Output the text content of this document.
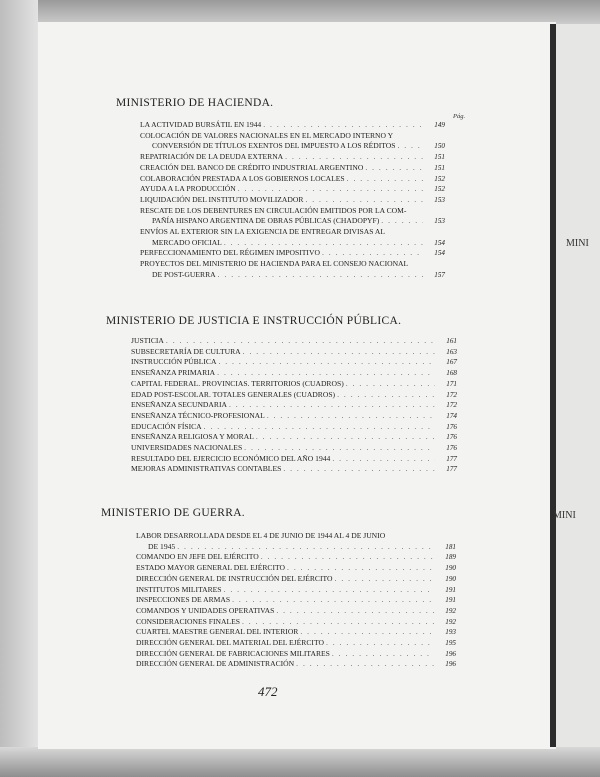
MINI
MINI
MINISTERIO DE HACIENDA.
Pág.
LA ACTIVIDAD BURSÁTIL EN 1944 . . .	149
COLOCACIÓN DE VALORES NACIONALES EN EL MERCADO INTERNO Y
CONVERSIÓN DE TÍTULOS EXENTOS DEL IMPUESTO A LOS RÉDITOS . . .	150
REPATRIACIÓN DE LA DEUDA EXTERNA . . .	151
CREACIÓN DEL BANCO DE CRÉDITO INDUSTRIAL ARGENTINO . . .	151
COLABORACIÓN PRESTADA A LOS GOBIERNOS LOCALES . . .	152
AYUDA A LA PRODUCCIÓN . . .	152
LIQUIDACIÓN DEL INSTITUTO MOVILIZADOR . . .	153
RESCATE DE LOS DEBENTURES EN CIRCULACIÓN EMITIDOS POR LA COM-
PAÑÍA HISPANO ARGENTINA DE OBRAS PÚBLICAS (CHADOPYF) . . .	153
ENVÍOS AL EXTERIOR SIN LA EXIGENCIA DE ENTREGAR DIVISAS AL
MERCADO OFICIAL . . .	154
PERFECCIONAMIENTO DEL RÉGIMEN IMPOSITIVO . . .	154
PROYECTOS DEL MINISTERIO DE HACIENDA PARA EL CONSEJO NACIONAL
DE POST-GUERRA . . .	157
MINISTERIO DE JUSTICIA E INSTRUCCIÓN PÚBLICA.
JUSTICIA . . .	161
SUBSECRETARÍA DE CULTURA . . .	163
INSTRUCCIÓN PÚBLICA . . .	167
ENSEÑANZA PRIMARIA . . .	168
CAPITAL FEDERAL. PROVINCIAS. TERRITORIOS (CUADROS) . . .	171
EDAD POST-ESCOLAR. TOTALES GENERALES (CUADROS) . . .	172
ENSEÑANZA SECUNDARIA . . .	172
ENSEÑANZA TÉCNICO-PROFESIONAL . . .	174
EDUCACIÓN FÍSICA . . .	176
ENSEÑANZA RELIGIOSA Y MORAL . . .	176
UNIVERSIDADES NACIONALES . . .	176
RESULTADO DEL EJERCICIO ECONÓMICO DEL AÑO 1944 . . .	177
MEJORAS ADMINISTRATIVAS CONTABLES . . .	177
MINISTERIO DE GUERRA.
LABOR DESARROLLADA DESDE EL 4 DE JUNIO DE 1944 AL 4 DE JUNIO
DE 1945 . . .	181
COMANDO EN JEFE DEL EJÉRCITO . . .	189
ESTADO MAYOR GENERAL DEL EJÉRCITO . . .	190
DIRECCIÓN GENERAL DE INSTRUCCIÓN DEL EJÉRCITO . . .	190
INSTITUTOS MILITARES . . .	191
INSPECCIONES DE ARMAS . . .	191
COMANDOS Y UNIDADES OPERATIVAS . . .	192
CONSIDERACIONES FINALES . . .	192
CUARTEL MAESTRE GENERAL DEL INTERIOR . . .	193
DIRECCIÓN GENERAL DEL MATERIAL DEL EJÉRCITO . . .	195
DIRECCIÓN GENERAL DE FABRICACIONES MILITARES . . .	196
DIRECCIÓN GENERAL DE ADMINISTRACIÓN . . .	196
472
